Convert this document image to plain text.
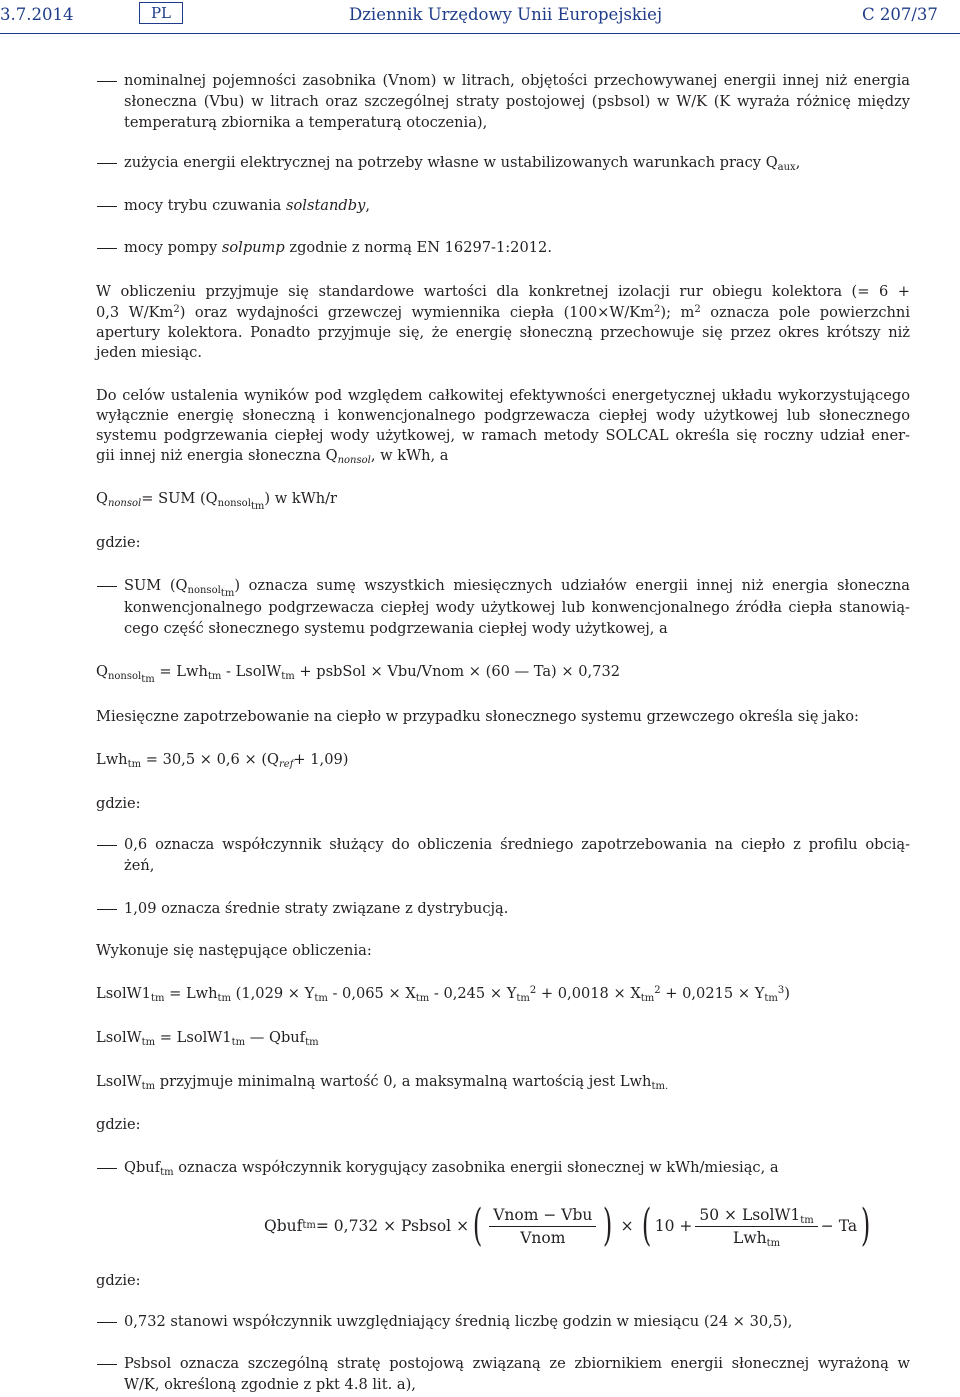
3.7.2014	PL	Dziennik Urzędowy Unii Europejskiej	C 207/37
nominalnej pojemności zasobnika (Vnom) w litrach, objętości przechowywanej energii innej niż energia
słoneczna (Vbu) w litrach oraz szczególnej straty postojowej (psbsol) w W/K (K wyraża różnicę między
temperaturą zbiornika a temperaturą otoczenia),
zużycia energii elektrycznej na potrzeby własne w ustabilizowanych warunkach pracy $Q_{aux}$,
mocy trybu czuwania solstandby,
mocy pompy solpump zgodnie z normą EN 16297-1:2012.
W obliczeniu przyjmuje się standardowe wartości dla konkretnej izolacji rur obiegu kolektora (= 6 +
0,3 W/Km$^2$) oraz wydajności grzewczej wymiennika ciepła $(100\times W/Km^2)$; $m^2$ oznacza pole powierzchni
apertury kolektora. Ponadto przyjmuje się, że energię słoneczną przechowuje się przez okres krótszy niż
jeden miesiąc.
Do celów ustalenia wyników pod względem całkowitej efektywności energetycznej układu wykorzystującego
wyłącznie energię słoneczną i konwencjonalnego podgrzewacza ciepłej wody użytkowej lub słonecznego
systemu podgrzewania ciepłej wody użytkowej, w ramach metody SOLCAL określa się roczny udział ener-
gii innej niż energia słoneczna $Q_{nonsol}$, w kWh, a
$Q_{nonsol}=$ SUM $(Q_{nonsol_{tm}})$ w kWh/r
gdzie:
SUM $(Q_{nonsol_{tm}})$ oznacza sumę wszystkich miesięcznych udziałów energii innej niż energia słoneczna
konwencjonalnego podgrzewacza ciepłej wody użytkowej lub konwencjonalnego źródła ciepła stanowią-
cego część słonecznego systemu podgrzewania ciepłej wody użytkowej, a
$Q_{nonsol_{tm}} = Lwh_{tm}$ - LsolW$_{tm}$ + psbSol × Vbu/Vnom × (60 — Ta) × 0,732
Miesięczne zapotrzebowanie na ciepło w przypadku słonecznego systemu grzewczego określa się jako:
$Lwh_{tm} = 30,5 \times 0,6 \times (Q_{ref}+ 1,09)$
gdzie:
0,6 oznacza współczynnik służący do obliczenia średniego zapotrzebowania na ciepło z profilu obcią-
żeń,
1,09 oznacza średnie straty związane z dystrybucją.
Wykonuje się następujące obliczenia:
$LsolW1_{tm} = Lwh_{tm}$ $(1,029 \times Y_{tm} - 0,065 \times X_{tm} - 0,245 \times Y_{tm}^2 + 0,0018 \times X_{tm}^2 + 0,0215 \times Y_{tm}^3)$
LsolW$_{tm}$ = $LsolW1_{tm}$ — Qbuf$_{tm}$
LsolW$_{tm}$ przyjmuje minimalną wartość 0, a maksymalną wartością jest Lwh$_{tm.}$
gdzie:
Qbuf$_{tm}$ oznacza współczynnik korygujący zasobnika energii słonecznej w kWh/miesiąc, a
Qbuf tm = 0,732 × Psbsol × ( $\frac{\text{Vnom − Vbu}}{\text{Vnom}}$ ) × ( $10 + \frac{50 \times LsolW1_{tm}}{Lwh_{tm}} - Ta$ )
gdzie:
0,732 stanowi współczynnik uwzględniający średnią liczbę godzin w miesiącu (24 × 30,5),
Psbsol oznacza szczególną stratę postojową związaną ze zbiornikiem energii słonecznej wyrażoną w
W/K, określoną zgodnie z pkt 4.8 lit. a),
